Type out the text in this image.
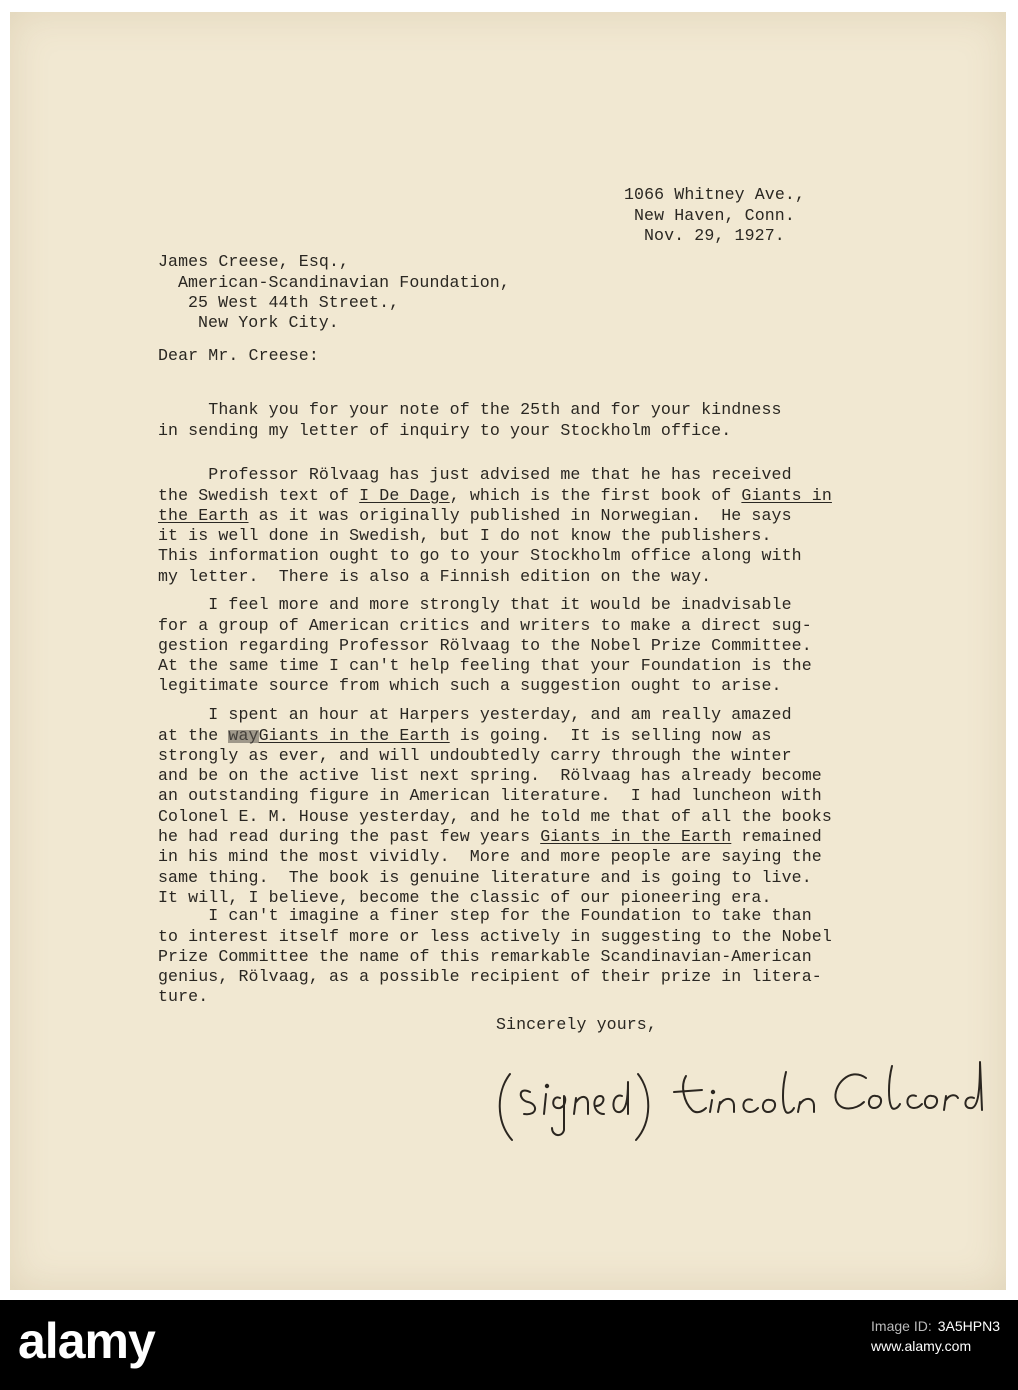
1066 Whitney Ave.,
New Haven, Conn.
Nov. 29, 1927.

James Creese, Esq.,
American-Scandinavian Foundation,
25 West 44th Street.,
New York City.

Dear Mr. Creese:

Thank you for your note of the 25th and for your kindness
in sending my letter of inquiry to your Stockholm office.

Professor Rölvaag has just advised me that he has received
the Swedish text of I De Dage, which is the first book of Giants in
the Earth as it was originally published in Norwegian.  He says
it is well done in Swedish, but I do not know the publishers.
This information ought to go to your Stockholm office along with
my letter.  There is also a Finnish edition on the way.

I feel more and more strongly that it would be inadvisable
for a group of American critics and writers to make a direct sug-
gestion regarding Professor Rölvaag to the Nobel Prize Committee.
At the same time I can't help feeling that your Foundation is the
legitimate source from which such a suggestion ought to arise.

I spent an hour at Harpers yesterday, and am really amazed
at the wayGiants in the Earth is going.  It is selling now as
strongly as ever, and will undoubtedly carry through the winter
and be on the active list next spring.  Rölvaag has already become
an outstanding figure in American literature.  I had luncheon with
Colonel E. M. House yesterday, and he told me that of all the books
he had read during the past few years Giants in the Earth remained
in his mind the most vividly.  More and more people are saying the
same thing.  The book is genuine literature and is going to live.
It will, I believe, become the classic of our pioneering era.

I can't imagine a finer step for the Foundation to take than
to interest itself more or less actively in suggesting to the Nobel
Prize Committee the name of this remarkable Scandinavian-American
genius, Rölvaag, as a possible recipient of their prize in litera-
ture.

Sincerely yours,
alamy	Image ID: 3A5HPN3
www.alamy.com
